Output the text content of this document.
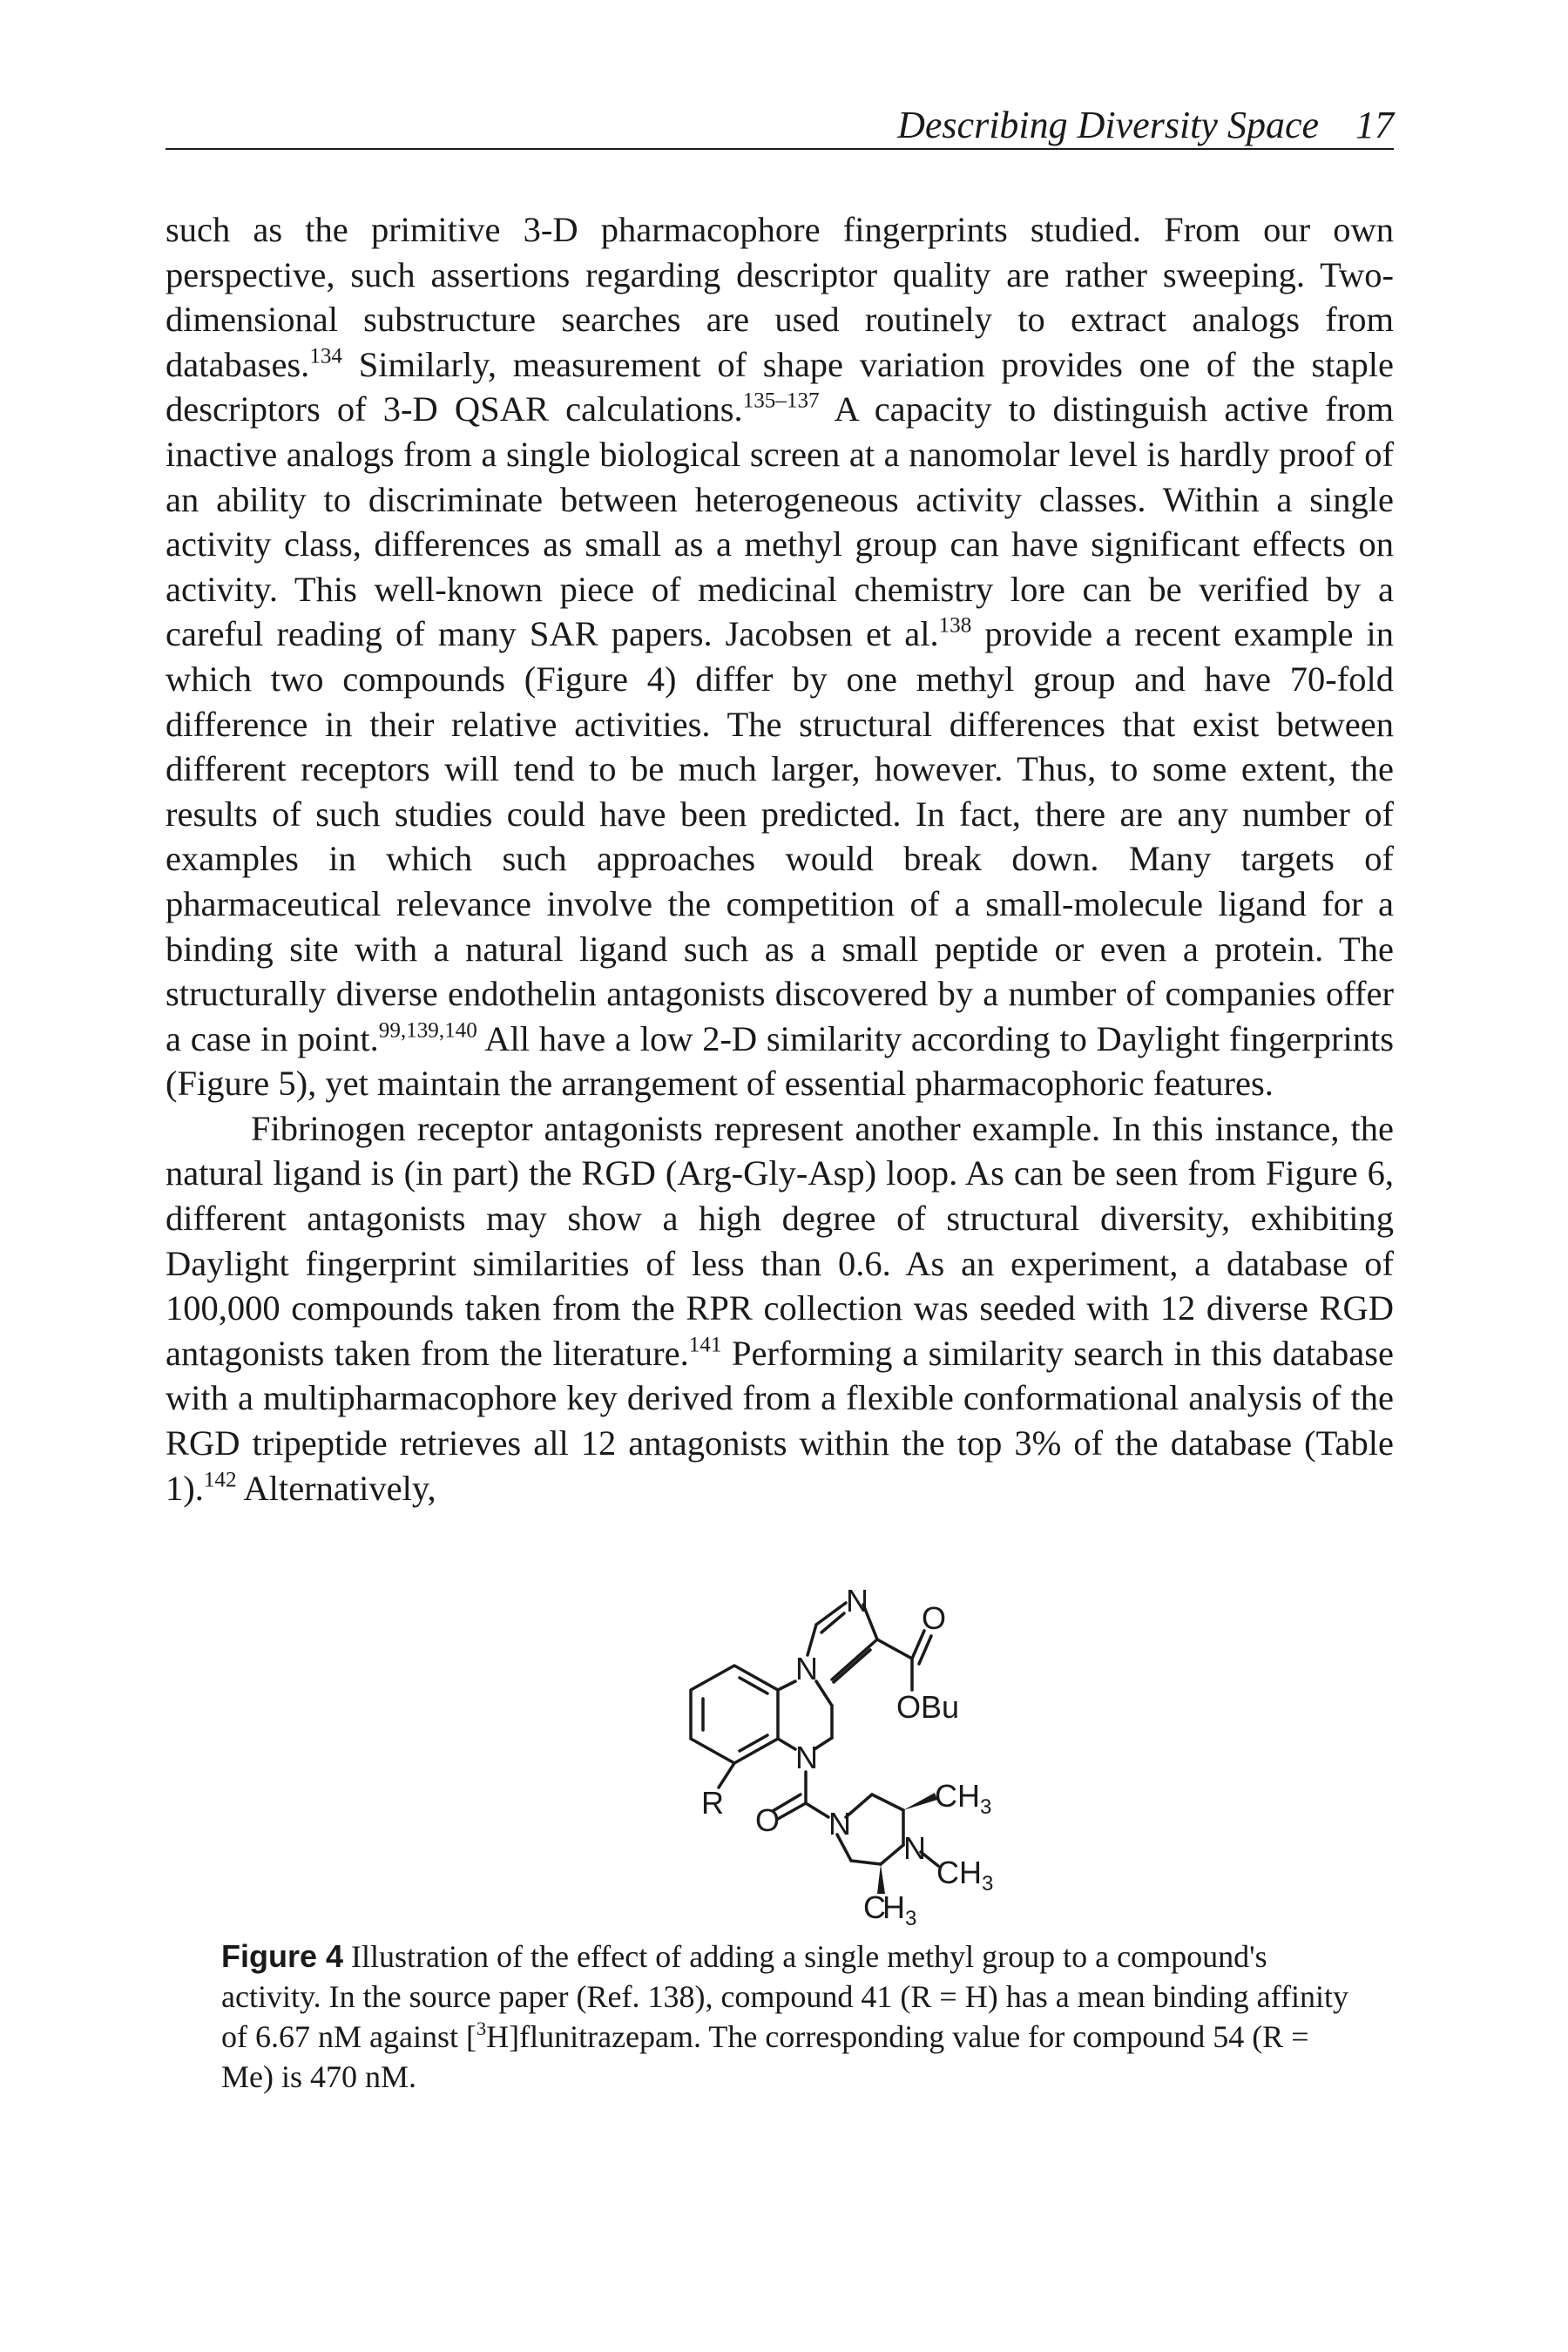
Describing Diversity Space 17

such as the primitive 3-D pharmacophore fingerprints studied. From our own perspective, such assertions regarding descriptor quality are rather sweeping. Two-dimensional substructure searches are used routinely to extract analogs from databases.$^{134}$ Similarly, measurement of shape variation provides one of the staple descriptors of 3-D QSAR calculations.$^{135-137}$ A capacity to distinguish active from inactive analogs from a single biological screen at a nanomolar level is hardly proof of an ability to discriminate between heterogeneous activity classes. Within a single activity class, differences as small as a methyl group can have significant effects on activity. This well-known piece of medicinal chemistry lore can be verified by a careful reading of many SAR papers. Jacobsen et al.$^{138}$ provide a recent example in which two compounds (Figure 4) differ by one methyl group and have 70-fold difference in their relative activities. The structural differences that exist between different receptors will tend to be much larger, however. Thus, to some extent, the results of such studies could have been predicted. In fact, there are any number of examples in which such approaches would break down. Many targets of pharmaceutical relevance involve the competition of a small-molecule ligand for a binding site with a natural ligand such as a small peptide or even a protein. The structurally diverse endothelin antagonists discovered by a number of companies offer a case in point.$^{99,139,140}$ All have a low 2-D similarity according to Daylight fingerprints (Figure 5), yet maintain the arrangement of essential pharmacophoric features.

Fibrinogen receptor antagonists represent another example. In this instance, the natural ligand is (in part) the RGD (Arg-Gly-Asp) loop. As can be seen from Figure 6, different antagonists may show a high degree of structural diversity, exhibiting Daylight fingerprint similarities of less than 0.6. As an experiment, a database of 100,000 compounds taken from the RPR collection was seeded with 12 diverse RGD antagonists taken from the literature.$^{141}$ Performing a similarity search in this database with a multipharmacophore key derived from a flexible conformational analysis of the RGD tripeptide retrieves all 12 antagonists within the top 3% of the database (Table 1).$^{142}$ Alternatively,

N
N
N
N
N
O
O
OBu
R	$CH_3$
$CH_3$
$CH_3$

Figure 4 Illustration of the effect of adding a single methyl group to a compound's activity. In the source paper (Ref. 138), compound 41 (R = H) has a mean binding affinity of 6.67 nM against [$^3$H]flunitrazepam. The corresponding value for compound 54 (R = Me) is 470 nM.
